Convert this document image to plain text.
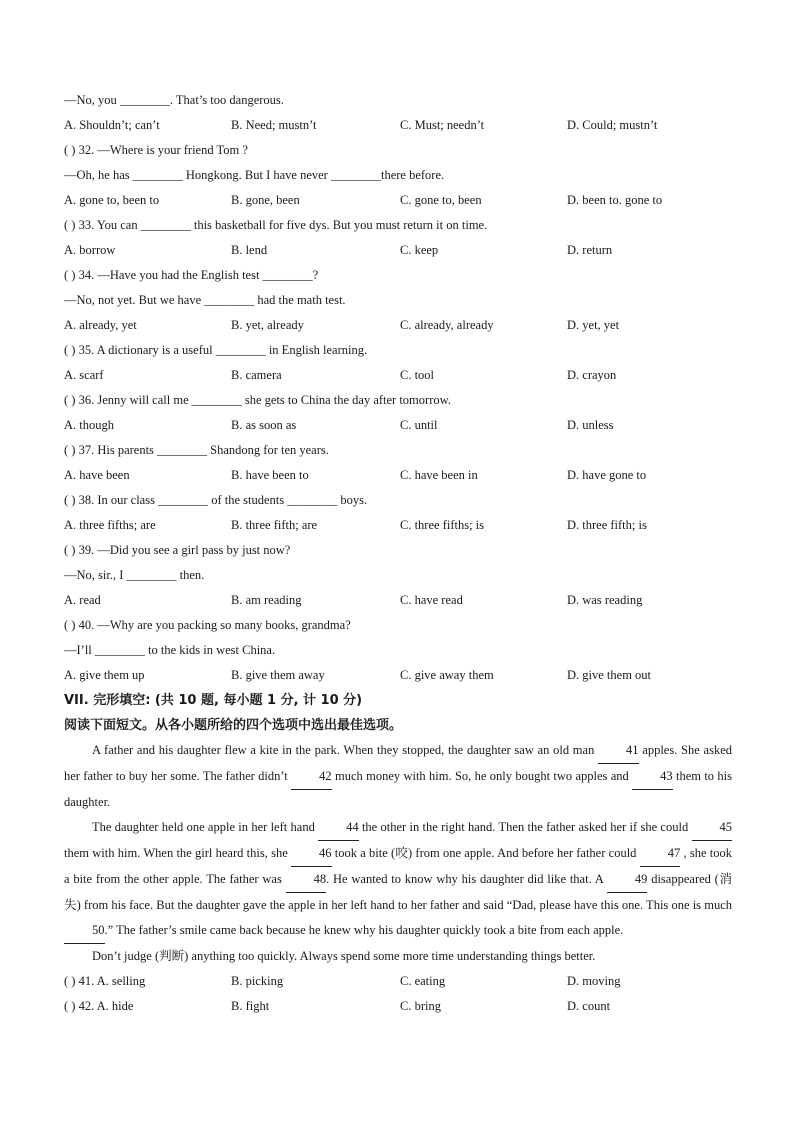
—No, you ________. That’s too dangerous.
A. Shouldn’t; can’t	B. Need; mustn’t	C. Must; needn’t	D. Could; mustn’t
( ) 32. —Where is your friend Tom ?
—Oh, he has ________ Hongkong. But I have never ________there before.
A. gone to, been to	B. gone, been	C. gone to, been	D. been to. gone to
( ) 33. You can ________ this basketball for five dys. But you must return it on time.
A. borrow	B. lend	C. keep	D. return
( ) 34. —Have you had the English test ________?
—No, not yet. But we have ________ had the math test.
A. already, yet	B. yet, already	C. already, already	D. yet, yet
( ) 35. A dictionary is a useful ________ in English learning.
A. scarf	B. camera	C. tool	D. crayon
( ) 36. Jenny will call me ________ she gets to China the day after tomorrow.
A. though	B. as soon as	C. until	D. unless
( ) 37. His parents ________ Shandong for ten years.
A. have been	B. have been to	C. have been in	D. have gone to
( ) 38. In our class ________ of the students ________ boys.
A. three fifths; are	B. three fifth; are	C. three fifths; is	D. three fifth; is
( ) 39. —Did you see a girl pass by just now?
—No, sir., I ________ then.
A. read	B. am reading	C. have read	D. was reading
( ) 40. —Why are you packing so many books, grandma?
—I’ll ________ to the kids in west China.
A. give them up	B. give them away	C. give away them	D. give them out
VII. 完形填空: (共 10 题, 每小题 1 分, 计 10 分)
阅读下面短文。从各小题所给的四个选项中选出最佳选项。
A father and his daughter flew a kite in the park. When they stopped, the daughter saw an old man 41 apples. She asked her father to buy her some. The father didn’t 42 much money with him. So, he only bought two apples and 43 them to his daughter.
The daughter held one apple in her left hand 44 the other in the right hand. Then the father asked her if she could 45 them with him. When the girl heard this, she 46 took a bite (咬) from one apple. And before her father could 47 , she took a bite from the other apple. The father was 48. He wanted to know why his daughter did like that. A 49 disappeared (消失) from his face. But the daughter gave the apple in her left hand to her father and said “Dad, please have this one. This one is much 50.” The father’s smile came back because he knew why his daughter quickly took a bite from each apple.
Don’t judge (判断) anything too quickly. Always spend some more time understanding things better.
( ) 41. A. selling	B. picking	C. eating	D. moving
( ) 42. A. hide	B. fight	C. bring	D. count
